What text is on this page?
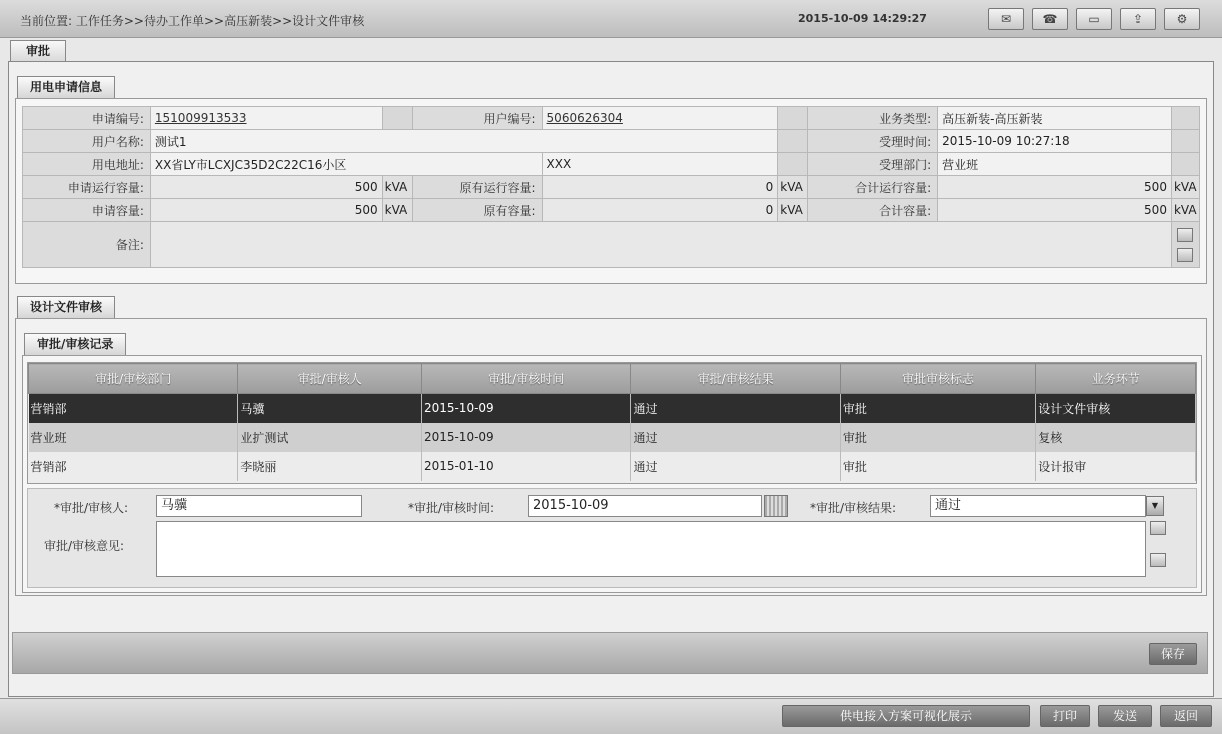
当前位置: 工作任务>>待办工作单>>高压新装>>设计文件审核	2015-10-09 14:29:27	✉	☎	▭	⇪	⚙
审批
用电申请信息
申请编号:	151009913533		用户编号:	5060626304		业务类型:	高压新装-高压新装	
用户名称:	测试1					受理时间:	2015-10-09 10:27:18	
用电地址:	XX省LY市LCXJC35D2C22C16小区			XXX		受理部门:	营业班	
申请运行容量:	500	kVA	原有运行容量:	0	kVA	合计运行容量:	500	kVA
申请容量:	500	kVA	原有容量:	0	kVA	合计容量:	500	kVA
备注:								
设计文件审核
审批/审核记录
审批/审核部门	审批/审核人	审批/审核时间	审批/审核结果	审批审核标志	业务环节
营销部	马骥	2015-10-09	通过	审批	设计文件审核
营业班	业扩测试	2015-10-09	通过	审批	复核
营销部	李晓丽	2015-01-10	通过	审批	设计报审
*审批/审核人:	马骥	*审批/审核时间:	2015-10-09	*审批/审核结果:	通过	▼
审批/审核意见:
保存
供电接入方案可视化展示	打印	发送	返回
